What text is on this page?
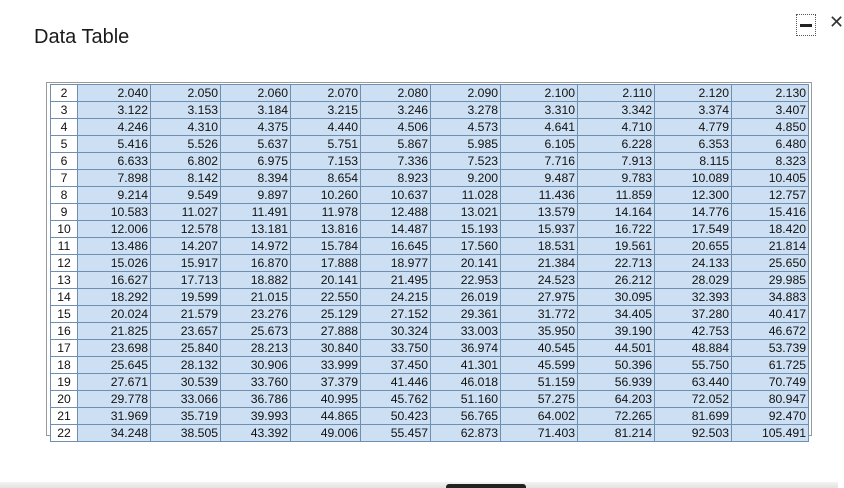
Data Table
✕
2	2.040	2.050	2.060	2.070	2.080	2.090	2.100	2.110	2.120	2.130
3	3.122	3.153	3.184	3.215	3.246	3.278	3.310	3.342	3.374	3.407
4	4.246	4.310	4.375	4.440	4.506	4.573	4.641	4.710	4.779	4.850
5	5.416	5.526	5.637	5.751	5.867	5.985	6.105	6.228	6.353	6.480
6	6.633	6.802	6.975	7.153	7.336	7.523	7.716	7.913	8.115	8.323
7	7.898	8.142	8.394	8.654	8.923	9.200	9.487	9.783	10.089	10.405
8	9.214	9.549	9.897	10.260	10.637	11.028	11.436	11.859	12.300	12.757
9	10.583	11.027	11.491	11.978	12.488	13.021	13.579	14.164	14.776	15.416
10	12.006	12.578	13.181	13.816	14.487	15.193	15.937	16.722	17.549	18.420
11	13.486	14.207	14.972	15.784	16.645	17.560	18.531	19.561	20.655	21.814
12	15.026	15.917	16.870	17.888	18.977	20.141	21.384	22.713	24.133	25.650
13	16.627	17.713	18.882	20.141	21.495	22.953	24.523	26.212	28.029	29.985
14	18.292	19.599	21.015	22.550	24.215	26.019	27.975	30.095	32.393	34.883
15	20.024	21.579	23.276	25.129	27.152	29.361	31.772	34.405	37.280	40.417
16	21.825	23.657	25.673	27.888	30.324	33.003	35.950	39.190	42.753	46.672
17	23.698	25.840	28.213	30.840	33.750	36.974	40.545	44.501	48.884	53.739
18	25.645	28.132	30.906	33.999	37.450	41.301	45.599	50.396	55.750	61.725
19	27.671	30.539	33.760	37.379	41.446	46.018	51.159	56.939	63.440	70.749
20	29.778	33.066	36.786	40.995	45.762	51.160	57.275	64.203	72.052	80.947
21	31.969	35.719	39.993	44.865	50.423	56.765	64.002	72.265	81.699	92.470
22	34.248	38.505	43.392	49.006	55.457	62.873	71.403	81.214	92.503	105.491
